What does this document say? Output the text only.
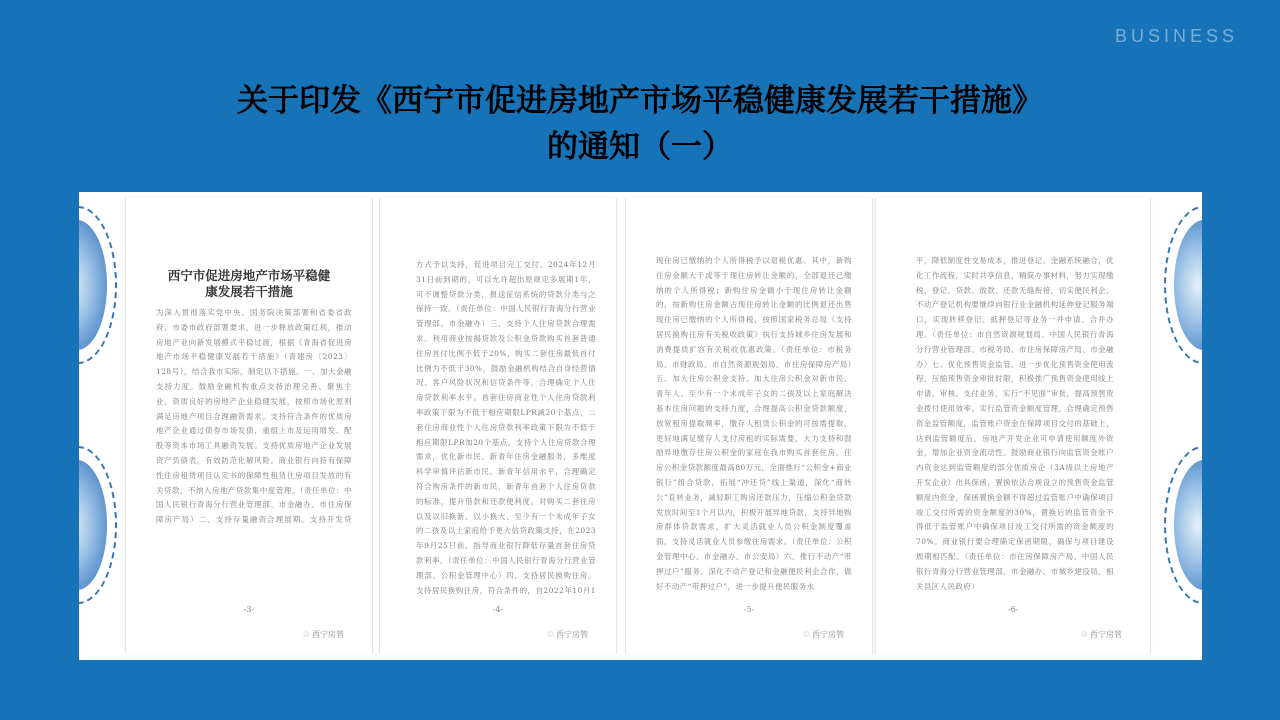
BUSINESS
关于印发《西宁市促进房地产市场平稳健康发展若干措施》
的通知（一）
西宁市促进房地产市场平稳健康发展若干措施
为深入贯彻落实党中央、国务院决策部署和省委省政府、市委市政府部署要求，进一步释放政策红利，推动房地产业向新发展模式平稳过渡，根据《青海省促进房地产市场平稳健康发展若干措施》（青建房〔2023〕128号），结合我市实际，制定以下措施。一、加大金融支持力度。鼓励金融机构重点支持治理完善、聚焦主业、资质良好的房地产企业稳健发展，按照市场化原则满足房地产项目合理融资需求。支持符合条件的优质房地产企业通过债券市场发债、重组上市及运用增发、配股等资本市场工具融资发展。支持优质房地产企业发展资产负债表，有效防范化解风险。商业银行向持有保障性住房租赁项目认定书的保障性租赁住房项目发放的有关贷款，不纳入房地产贷款集中度管理。（责任单位：中国人民银行青海分行营业管理部、市金融办、市住房保障房产局）二、支持存量融资合理展期。支持开发贷
-3-
♲ 西宁房管
方式予以支持，促进项目完工交付。2024年12月31日前到期的，可以允许超出原规定多展期1年，可不调整贷款分类，报送征信系统的贷款分类与之保持一致。（责任单位：中国人民银行青海分行营业管理部、市金融办）三、支持个人住房贷款合理需求。利用商业按揭贷款及公积金贷款购买首套普通住房首付比例不低于20%，购买二套住房最低首付比例为不低于30%，鼓励金融机构结合自身经营情况、客户风险状况和信贷条件等，合理确定个人住房贷款利率水平。首套住房商业性个人住房贷款利率政策下限为不低于相应期限LPR减20个基点，二套住房商业性个人住房贷款利率政策下限为不低于相应期限LPR加20个基点。支持个人住房贷款合理需求，优化新市民、新青年住房金融服务，多维度科学审慎评估新市民、新青年信用水平，合理确定符合购房条件的新市民、新青年首套个人住房贷款的标准，提升借款和还款便利度。对购买二套住房以及以旧换新、以小换大、至少有一个未成年子女的二孩及以上家庭给予更大信贷政策支持，在2023年9月25日前，指导商业银行降低存量首套住房贷款利率。（责任单位：中国人民银行青海分行营业管理部、公积金管理中心）四、支持居民换购住房。支持居民换购住房，符合条件的，自2022年10月1
-4-
♲ 西宁房管
现住房已缴纳的个人所得税予以退税优惠。其中，新购住房金额大于或等于现住房转让金额的，全部退还已缴纳的个人所得税；新购住房金额小于现住房转让金额的，按新购住房金额占现住房转让金额的比例退还出售现住房已缴纳的个人所得税，按照国家税务总局《支持居民换购住房有关税收政策》执行支持城乡住房发展和消费提质扩容有关税收优惠政策。（责任单位：市税务局、市财政局、市自然资源规划局、市住房保障房产局）五、加大住房公积金支持。加大住房公积金对新市民、青年人、至少有一个未成年子女的二孩及以上家庭解决基本住房问题的支持力度，合理提高公积金贷款额度，放宽租房提取频率，缴存人租赁公积金的可按需提取，更好地满足缴存人支付房租的实际需要，大力支持和鼓励异地缴存住房公积金的家庭在我市购买首套住房。住房公积金贷款额度最高80万元，全面推行“公积金+商业银行”组合贷款，拓展“冲还贷”线上渠道，深化“商转公”直转业务，减轻职工购房还款压力，压缩公积金贷款发放时间至1个月以内，积极开展异地贷款，支持异地购房群体贷款需求，扩大灵活就业人员公积金制度覆盖面，支持灵活就业人员参缴住房需求。（责任单位：公积金管理中心、市金融办、市公安局）六、推行不动产“带押过户”服务。深化不动产登记和金融便民利企合作，做好不动产“带押过户”，进一步提升便民服务水
-5-
♲ 西宁房管
平，降低制度性交易成本，推进登记、金融系统融合，优化工作流程，实时共享信息，精简办事材料，努力实现缴税、登记、贷款、放款、还款无缝衔接，切实便民利企，不动产登记机构要继续向银行业金融机构延伸登记服务端口，实现转移登记、抵押登记等业务一并申请、合并办理。（责任单位：市自然资源规划局、中国人民银行青海分行营业管理部、市税务局、市住房保障房产局、市金融办）七、优化预售资金监管。进一步优化预售资金使用流程，压缩预售资金审批时限，积极推广预售资金使用线上申请、审核、支付业务，实行“不见面”审批，提高预售资金拨付使用效率。实行监管资金额度管理，合理确定预售资金监管额度，监管账户资金在保障项目交付的基础上，达到监管额度后，房地产开发企业可申请使用额度外资金，增加企业资金流动性。鼓励商业银行向监管资金账户内资金达到监管额度的部分优质房企（3A级以上房地产开发企业）出具保函，置换依法合规设立的预售资金监管额度内资金，保函置换金额不得超过监管账户中确保项目竣工交付所需的资金额度的30%，置换后的监管资金不得低于监管账户中确保项目竣工交付所需的资金额度的70%。商业银行要合理确定保函期限，确保与项目建设周期相匹配。（责任单位：市住房保障房产局、中国人民银行青海分行营业管理部、市金融办、市城乡建设局、相关县区人民政府）
-6-
♲ 西宁房管
